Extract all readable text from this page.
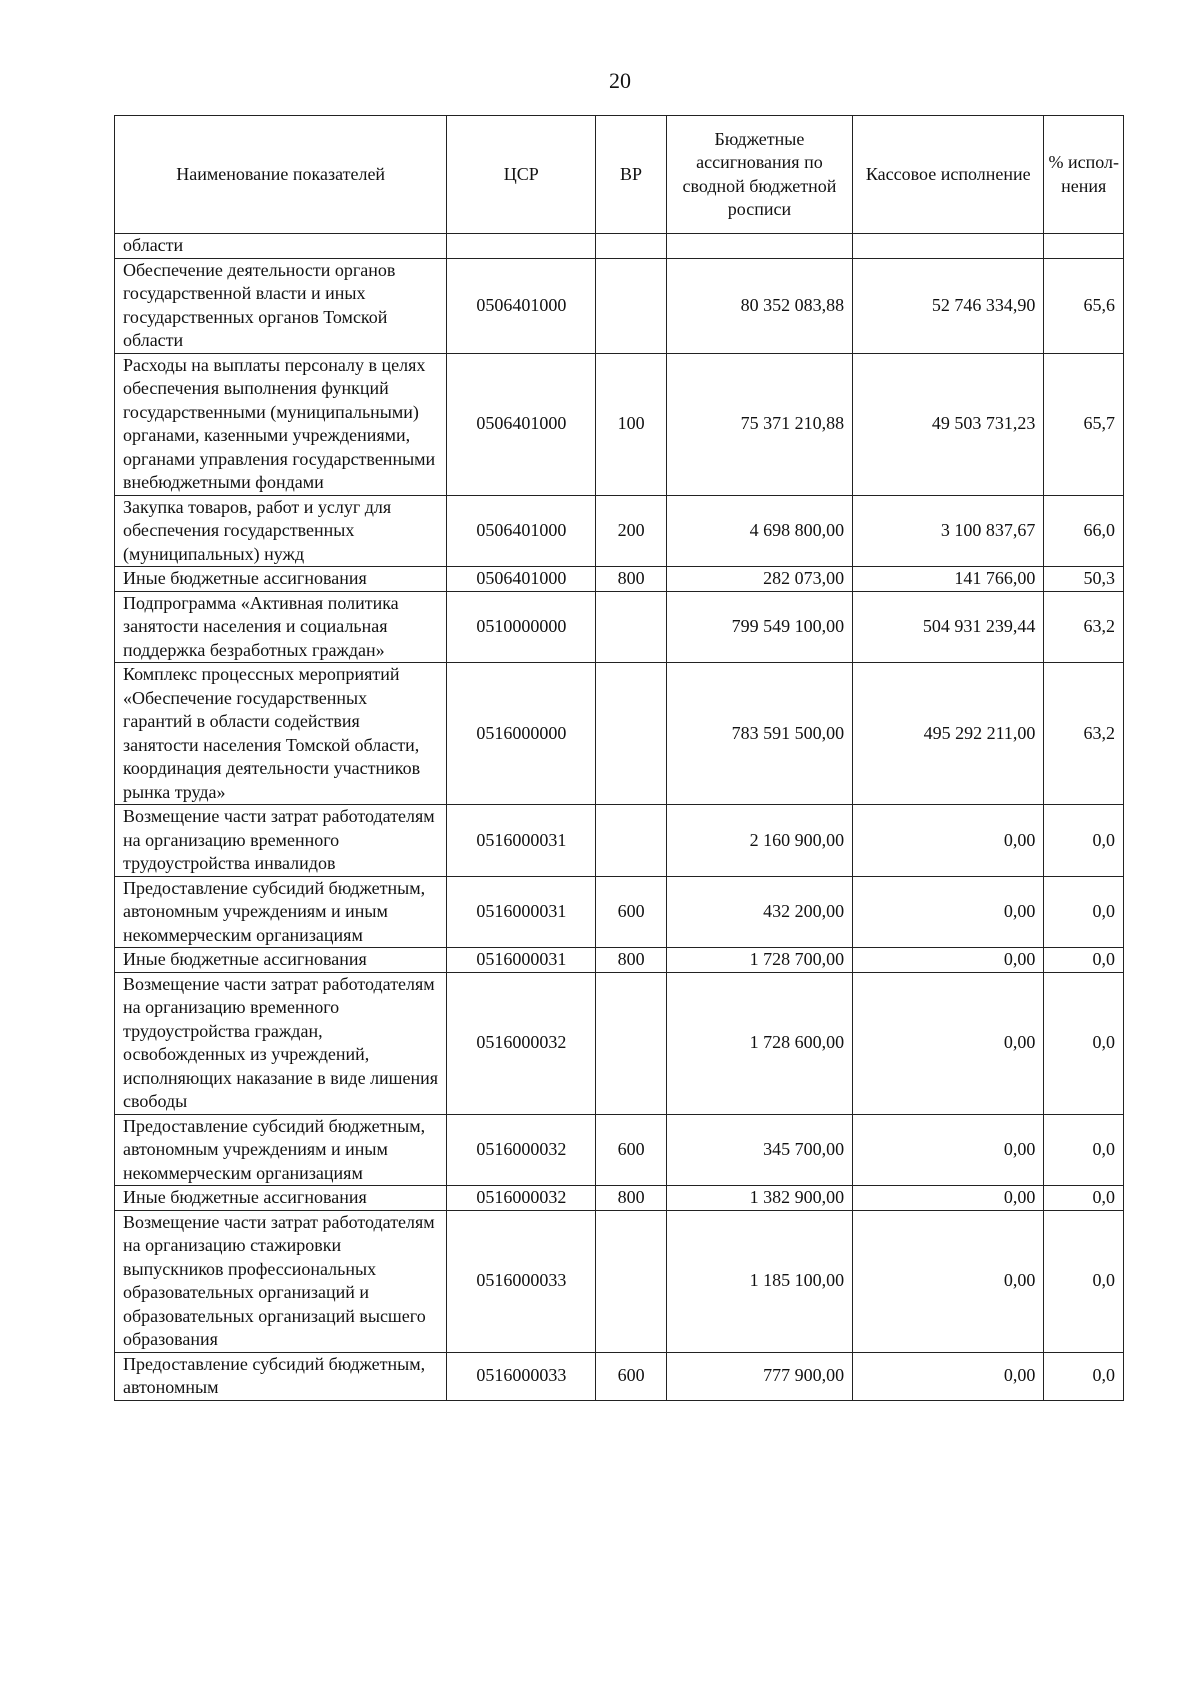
20
Наименование показателей	ЦСР	ВР	Бюджетные ассигнования по сводной бюджетной росписи	Кассовое исполнение	% испол-нения
области					
Обеспечение деятельности органов государственной власти и иных государственных органов Томской области	0506401000		80 352 083,88	52 746 334,90	65,6
Расходы на выплаты персоналу в целях обеспечения выполнения функций государственными (муниципальными) органами, казенными учреждениями, органами управления государственными внебюджетными фондами	0506401000	100	75 371 210,88	49 503 731,23	65,7
Закупка товаров, работ и услуг для обеспечения государственных (муниципальных) нужд	0506401000	200	4 698 800,00	3 100 837,67	66,0
Иные бюджетные ассигнования	0506401000	800	282 073,00	141 766,00	50,3
Подпрограмма «Активная политика занятости населения и социальная поддержка безработных граждан»	0510000000		799 549 100,00	504 931 239,44	63,2
Комплекс процессных мероприятий «Обеспечение государственных гарантий в области содействия занятости населения Томской области, координация деятельности участников рынка труда»	0516000000		783 591 500,00	495 292 211,00	63,2
Возмещение части затрат работодателям на организацию временного трудоустройства инвалидов	0516000031		2 160 900,00	0,00	0,0
Предоставление субсидий бюджетным, автономным учреждениям и иным некоммерческим организациям	0516000031	600	432 200,00	0,00	0,0
Иные бюджетные ассигнования	0516000031	800	1 728 700,00	0,00	0,0
Возмещение части затрат работодателям на организацию временного трудоустройства граждан, освобожденных из учреждений, исполняющих наказание в виде лишения свободы	0516000032		1 728 600,00	0,00	0,0
Предоставление субсидий бюджетным, автономным учреждениям и иным некоммерческим организациям	0516000032	600	345 700,00	0,00	0,0
Иные бюджетные ассигнования	0516000032	800	1 382 900,00	0,00	0,0
Возмещение части затрат работодателям на организацию стажировки выпускников профессиональных образовательных организаций и образовательных организаций высшего образования	0516000033		1 185 100,00	0,00	0,0
Предоставление субсидий бюджетным, автономным	0516000033	600	777 900,00	0,00	0,0
